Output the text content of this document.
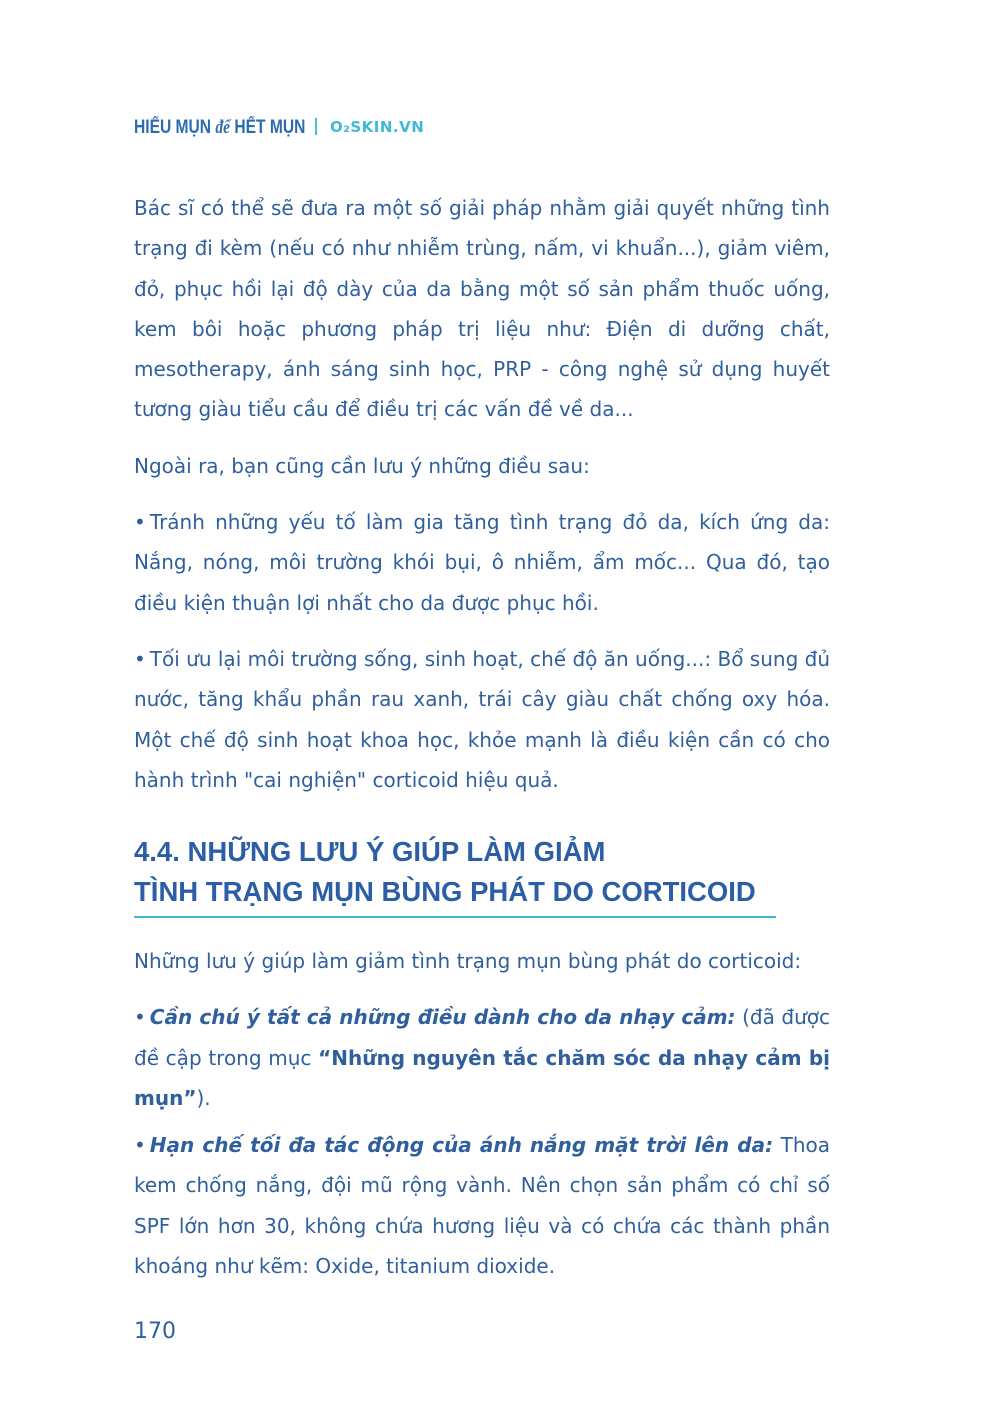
HIỂU MỤN để HẾT MỤN | O₂SKIN.VN

Bác sĩ có thể sẽ đưa ra một số giải pháp nhằm giải quyết những tình trạng đi kèm (nếu có như nhiễm trùng, nấm, vi khuẩn...), giảm viêm, đỏ, phục hồi lại độ dày của da bằng một số sản phẩm thuốc uống, kem bôi hoặc phương pháp trị liệu như: Điện di dưỡng chất, mesotherapy, ánh sáng sinh học, PRP - công nghệ sử dụng huyết tương giàu tiểu cầu để điều trị các vấn đề về da...

Ngoài ra, bạn cũng cần lưu ý những điều sau:

• Tránh những yếu tố làm gia tăng tình trạng đỏ da, kích ứng da: Nắng, nóng, môi trường khói bụi, ô nhiễm, ẩm mốc... Qua đó, tạo điều kiện thuận lợi nhất cho da được phục hồi.

• Tối ưu lại môi trường sống, sinh hoạt, chế độ ăn uống...: Bổ sung đủ nước, tăng khẩu phần rau xanh, trái cây giàu chất chống oxy hóa. Một chế độ sinh hoạt khoa học, khỏe mạnh là điều kiện cần có cho hành trình "cai nghiện" corticoid hiệu quả.

4.4. NHỮNG LƯU Ý GIÚP LÀM GIẢM
TÌNH TRẠNG MỤN BÙNG PHÁT DO CORTICOID

Những lưu ý giúp làm giảm tình trạng mụn bùng phát do corticoid:

• Cần chú ý tất cả những điều dành cho da nhạy cảm: (đã được đề cập trong mục “Những nguyên tắc chăm sóc da nhạy cảm bị mụn”).

• Hạn chế tối đa tác động của ánh nắng mặt trời lên da: Thoa kem chống nắng, đội mũ rộng vành. Nên chọn sản phẩm có chỉ số SPF lớn hơn 30, không chứa hương liệu và có chứa các thành phần khoáng như kẽm: Oxide, titanium dioxide.

170
